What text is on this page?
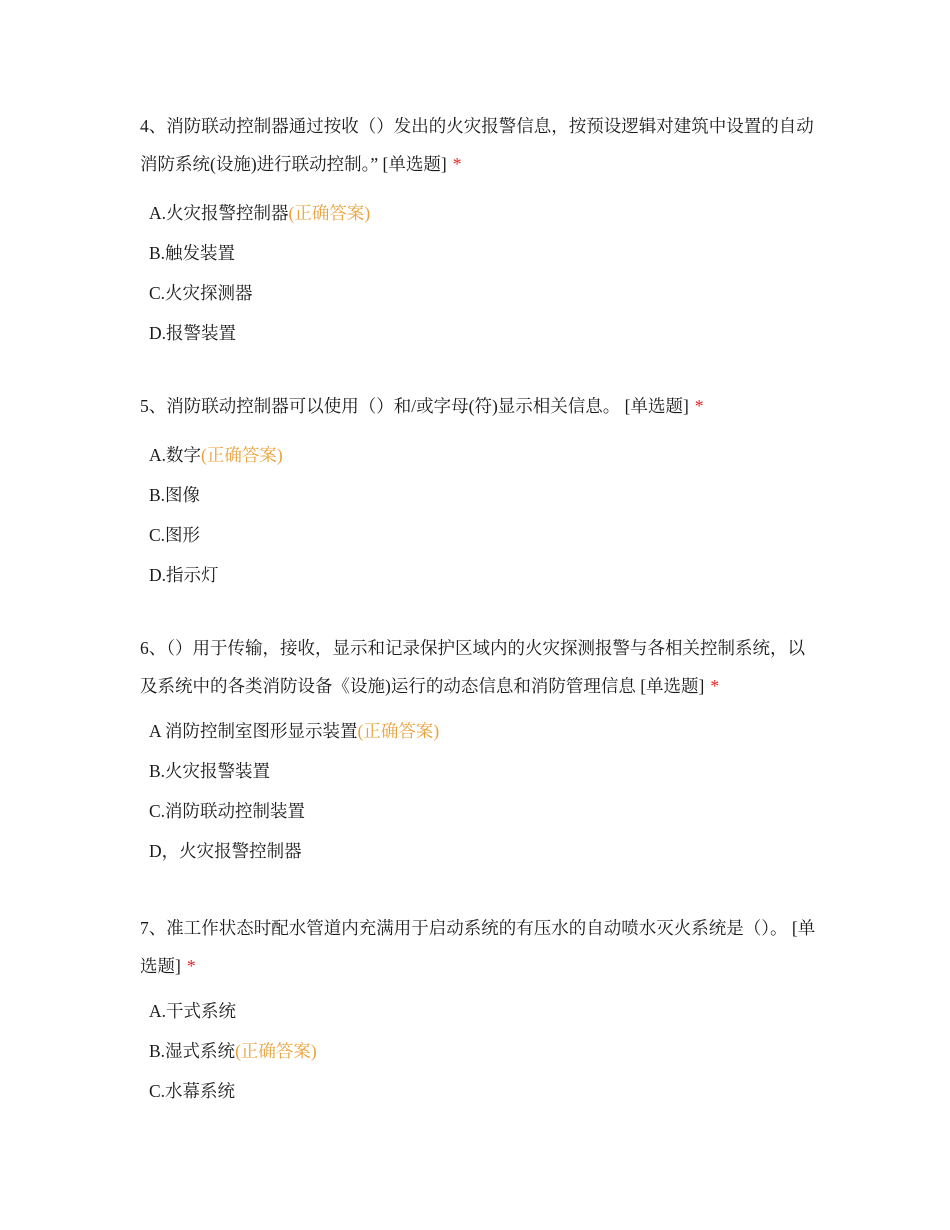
4、消防联动控制器通过按收（）发出的火灾报警信息，按预设逻辑对建筑中设置的自动消防系统(设施)进行联动控制。” [单选题] *
A.火灾报警控制器(正确答案)
B.触发装置
C.火灾探测器
D.报警装置
5、消防联动控制器可以使用（）和/或字母(符)显示相关信息。 [单选题] *
A.数字(正确答案)
B.图像
C.图形
D.指示灯
6、（）用于传输，接收，显示和记录保护区域内的火灾探测报警与各相关控制系统，以及系统中的各类消防设备《设施)运行的动态信息和消防管理信息 [单选题] *
A 消防控制室图形显示装置(正确答案)
B.火灾报警装置
C.消防联动控制装置
D，火灾报警控制器
7、准工作状态时配水管道内充满用于启动系统的有压水的自动喷水灭火系统是（）。 [单选题] *
A.干式系统
B.湿式系统(正确答案)
C.水幕系统
